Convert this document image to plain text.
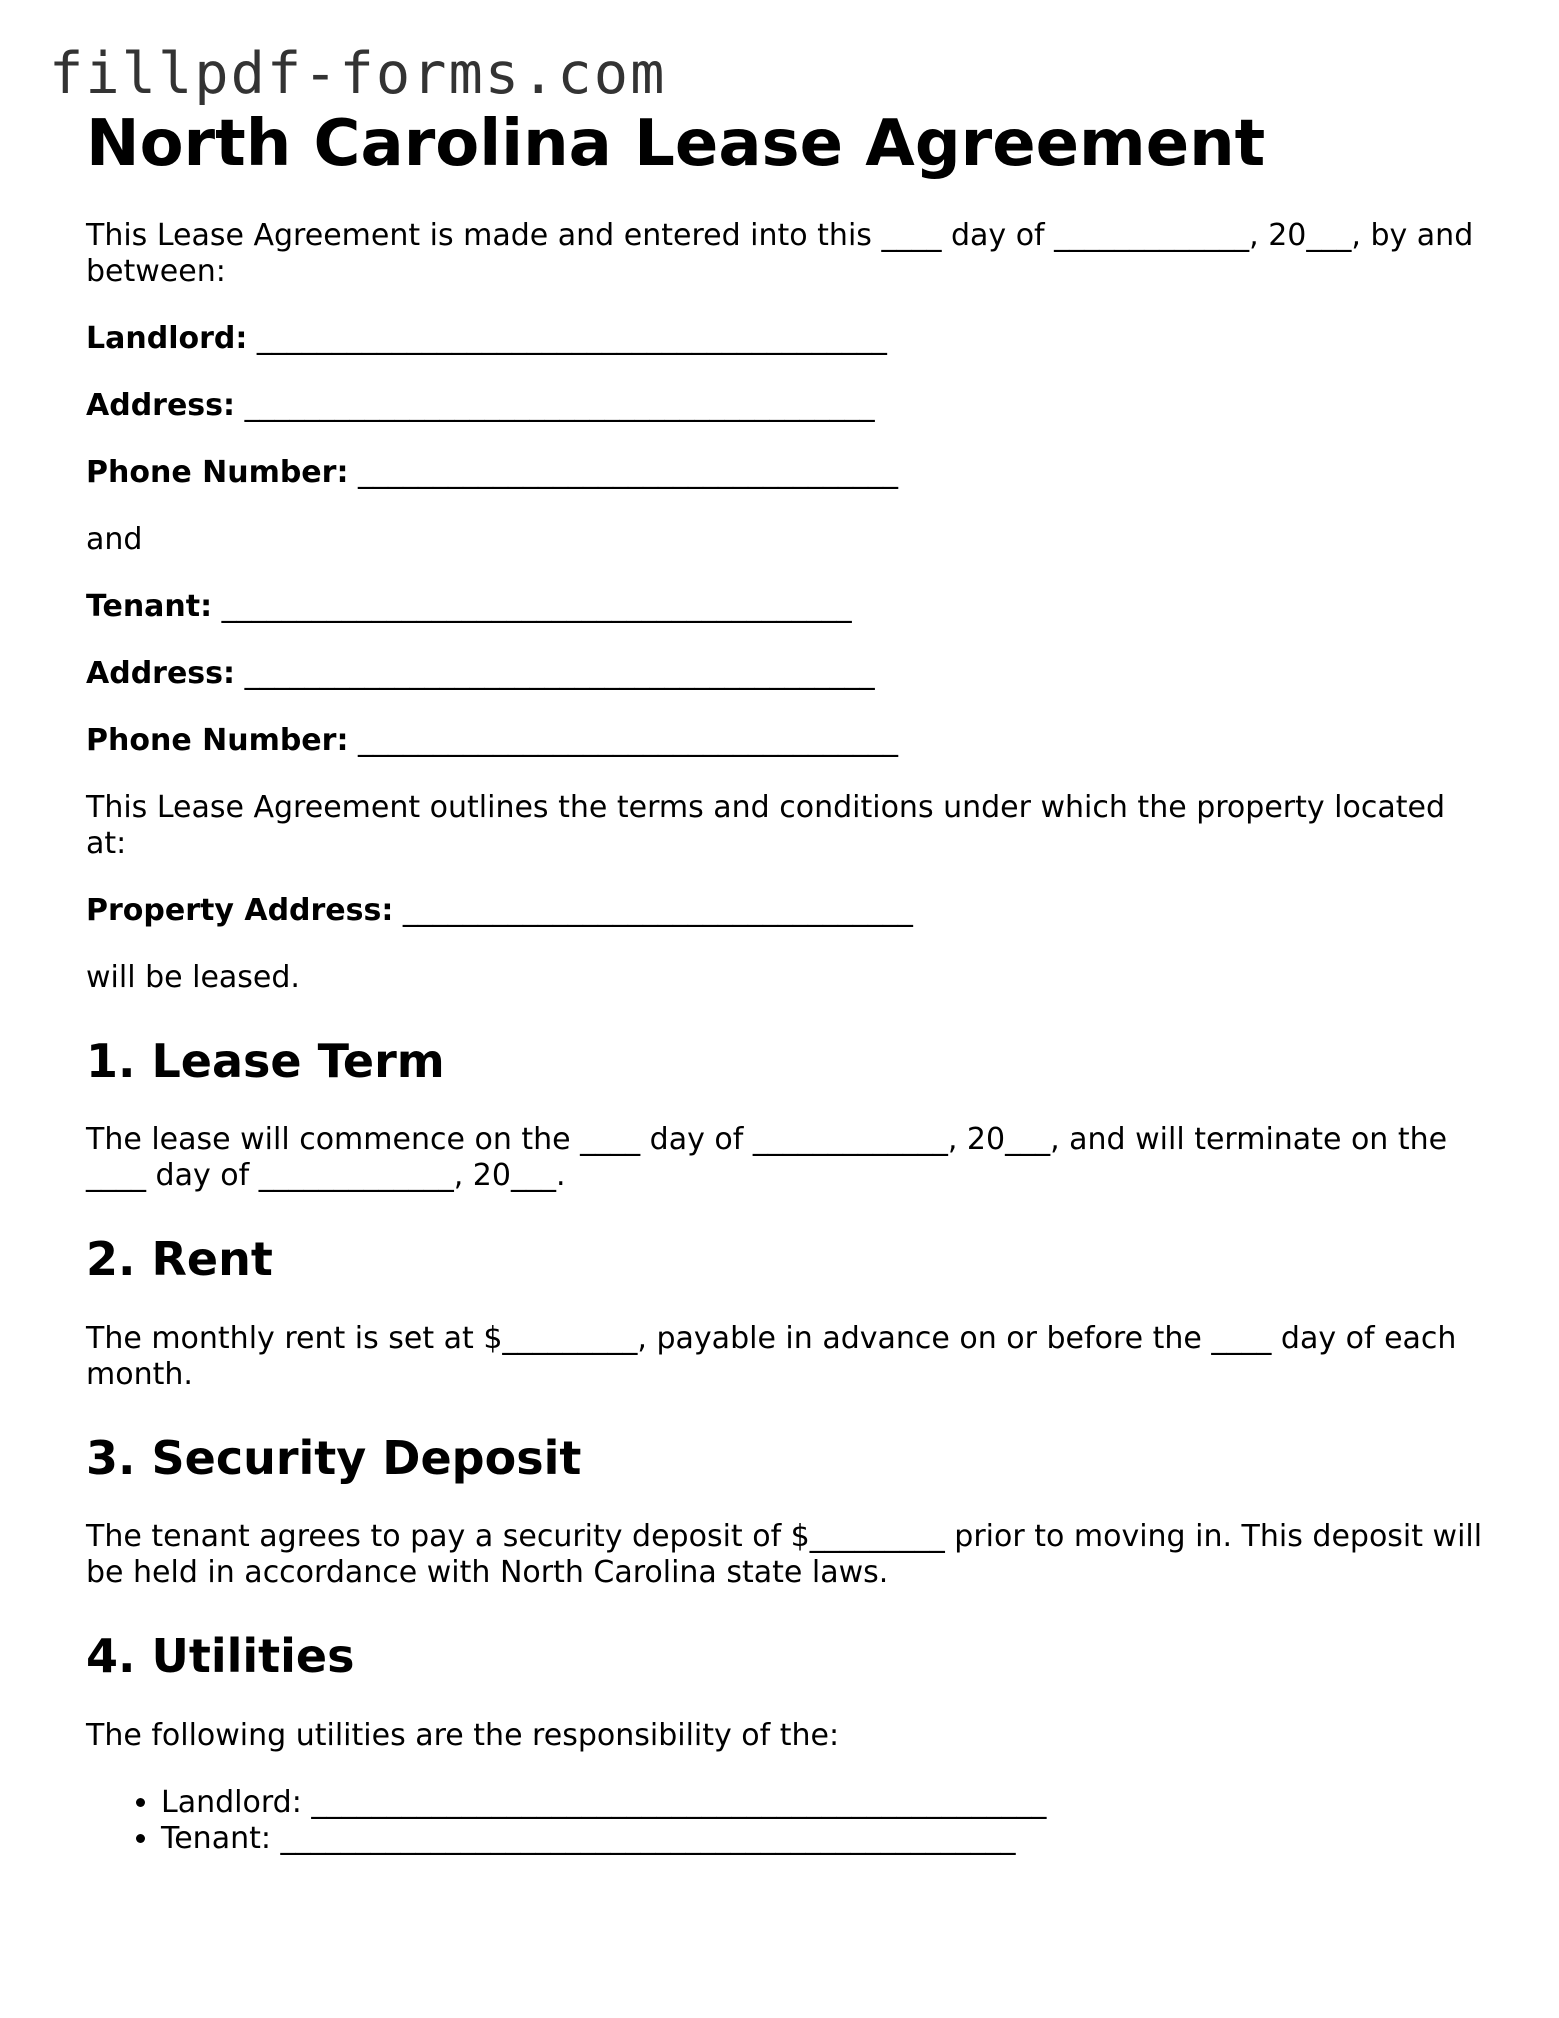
fillpdf-forms.com
North Carolina Lease Agreement

This Lease Agreement is made and entered into this ____ day of _____________, 20___, by and between:

Landlord: __________________________________________

Address: __________________________________________

Phone Number: ____________________________________

and

Tenant: __________________________________________

Address: __________________________________________

Phone Number: ____________________________________

This Lease Agreement outlines the terms and conditions under which the property located at:

Property Address: __________________________________

will be leased.

1. Lease Term

The lease will commence on the ____ day of _____________, 20___, and will terminate on the ____ day of _____________, 20___.

2. Rent

The monthly rent is set at $_________, payable in advance on or before the ____ day of each month.

3. Security Deposit

The tenant agrees to pay a security deposit of $_________ prior to moving in. This deposit will be held in accordance with North Carolina state laws.

4. Utilities

The following utilities are the responsibility of the:

• Landlord: _________________________________________________
• Tenant: _________________________________________________
